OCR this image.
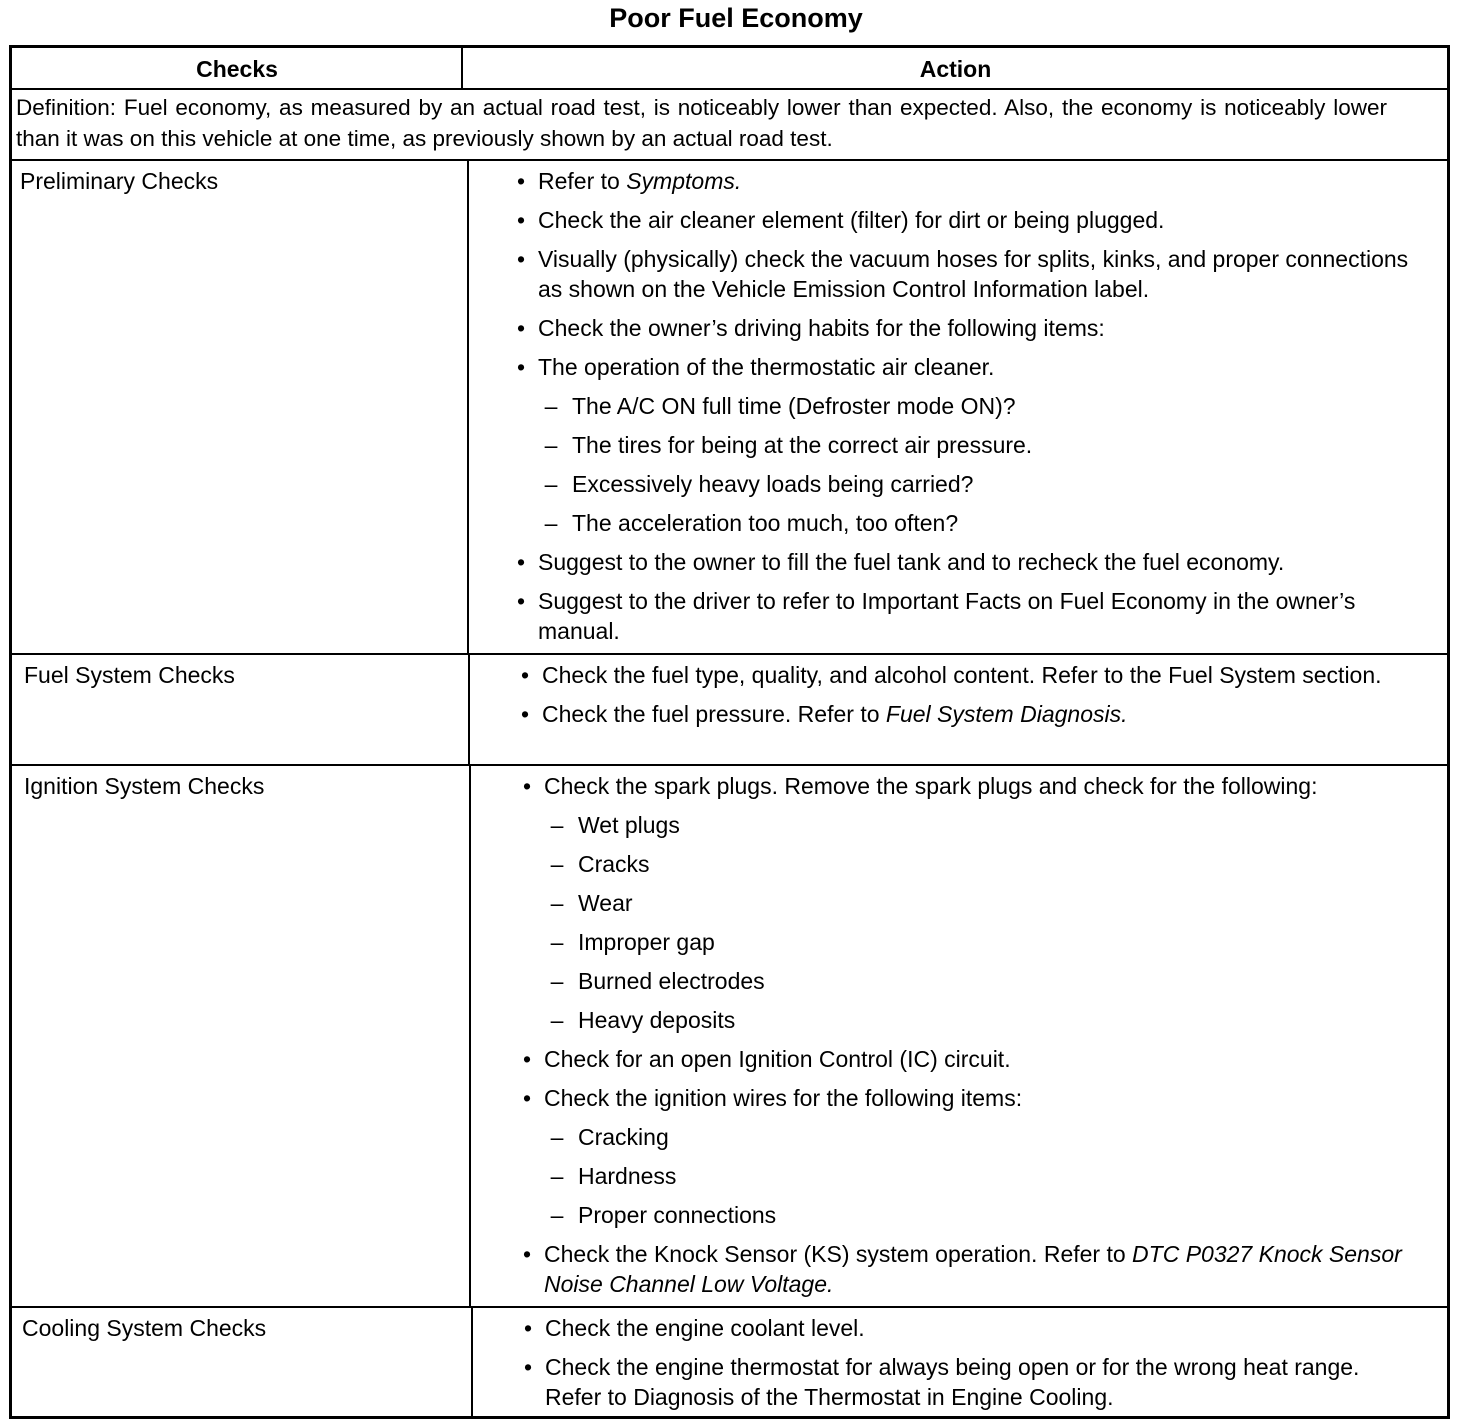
Poor Fuel Economy
Checks	Action
Definition: Fuel economy, as measured by an actual road test, is noticeably lower than expected. Also, the economy is noticeably lower than it was on this vehicle at one time, as previously shown by an actual road test.
Preliminary Checks	• Refer to Symptoms.
• Check the air cleaner element (filter) for dirt or being plugged.
• Visually (physically) check the vacuum hoses for splits, kinks, and proper connections as shown on the Vehicle Emission Control Information label.
• Check the owner’s driving habits for the following items:
• The operation of the thermostatic air cleaner.
– The A/C ON full time (Defroster mode ON)?
– The tires for being at the correct air pressure.
– Excessively heavy loads being carried?
– The acceleration too much, too often?
• Suggest to the owner to fill the fuel tank and to recheck the fuel economy.
• Suggest to the driver to refer to Important Facts on Fuel Economy in the owner’s manual.
Fuel System Checks	• Check the fuel type, quality, and alcohol content. Refer to the Fuel System section.
• Check the fuel pressure. Refer to Fuel System Diagnosis.
Ignition System Checks	• Check the spark plugs. Remove the spark plugs and check for the following:
– Wet plugs
– Cracks
– Wear
– Improper gap
– Burned electrodes
– Heavy deposits
• Check for an open Ignition Control (IC) circuit.
• Check the ignition wires for the following items:
– Cracking
– Hardness
– Proper connections
• Check the Knock Sensor (KS) system operation. Refer to DTC P0327 Knock Sensor Noise Channel Low Voltage.
Cooling System Checks	• Check the engine coolant level.
• Check the engine thermostat for always being open or for the wrong heat range. Refer to Diagnosis of the Thermostat in Engine Cooling.
